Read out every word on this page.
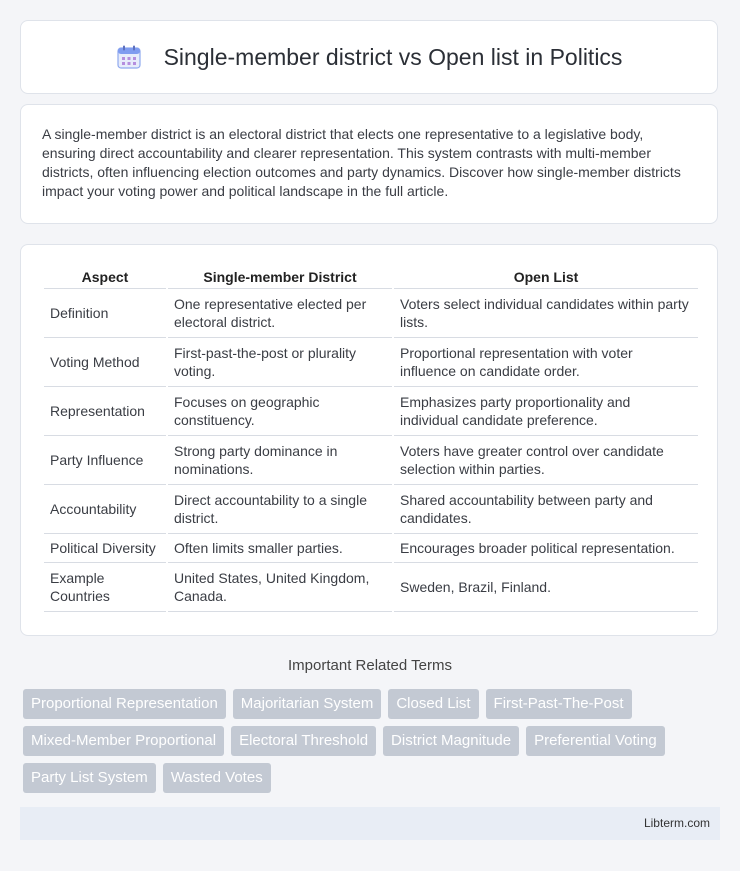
Single-member district vs Open list in Politics

A single-member district is an electoral district that elects one representative to a legislative body, ensuring direct accountability and clearer representation. This system contrasts with multi-member districts, often influencing election outcomes and party dynamics. Discover how single-member districts impact your voting power and political landscape in the full article.

Aspect	Single-member District	Open List
Definition	One representative elected per electoral district.	Voters select individual candidates within party lists.
Voting Method	First-past-the-post or plurality voting.	Proportional representation with voter influence on candidate order.
Representation	Focuses on geographic constituency.	Emphasizes party proportionality and individual candidate preference.
Party Influence	Strong party dominance in nominations.	Voters have greater control over candidate selection within parties.
Accountability	Direct accountability to a single district.	Shared accountability between party and candidates.
Political Diversity	Often limits smaller parties.	Encourages broader political representation.
Example Countries	United States, United Kingdom, Canada.	Sweden, Brazil, Finland.
Important Related Terms
Proportional Representation	Majoritarian System	Closed List	First-Past-The-Post
Mixed-Member Proportional	Electoral Threshold	District Magnitude	Preferential Voting
Party List System	Wasted Votes
Libterm.com
